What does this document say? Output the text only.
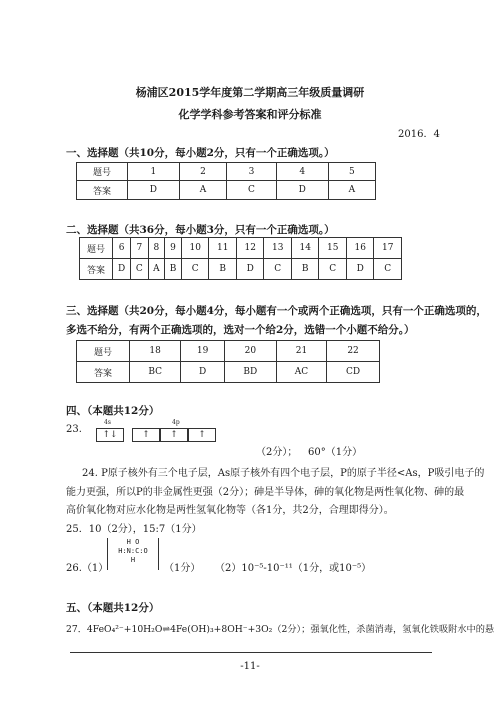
杨浦区2015学年度第二学期高三年级质量调研
化学学科参考答案和评分标准
2016．4
一、选择题（共10分，每小题2分，只有一个正确选项。）
题号	1	2	3	4	5
答案	D	A	C	D	A
二、选择题（共36分，每小题3分，只有一个正确选项。）
题号	6	7	8	9	10	11	12	13	14	15	16	17
答案	D	C	A	B	C	B	D	C	B	C	D	C
三、选择题（共20分，每小题4分，每小题有一个或两个正确选项，只有一个正确选项的，
多选不给分，有两个正确选项的，选对一个给2分，选错一个小题不给分。）
题号	18	19	20	21	22
答案	BC	D	BD	AC	CD
四、（本题共12分）
23.
4s	4p
↑↓	↑	↑	↑
（2分）； 60°（1分）
24. P原子核外有三个电子层，As原子核外有四个电子层，P的原子半径<As，P吸引电子的
能力更强，所以P的非金属性更强（2分）；砷是半导体，砷的氧化物是两性氧化物、砷的最
高价氧化物对应水化物是两性氢氧化物等（各1分，共2分，合理即得分）。
25．10（2分），15:7（1分）
26.（1）
H O
H:N:C:O
H
（1分） （2）10⁻⁵-10⁻¹¹（1分，或10⁻⁵）
五、（本题共12分）
27．4FeO₄²⁻+10H₂O⇌4Fe(OH)₃+8OH⁻+3O₂（2分）；强氧化性，杀菌消毒，氢氧化铁吸附水中的悬
-11-
